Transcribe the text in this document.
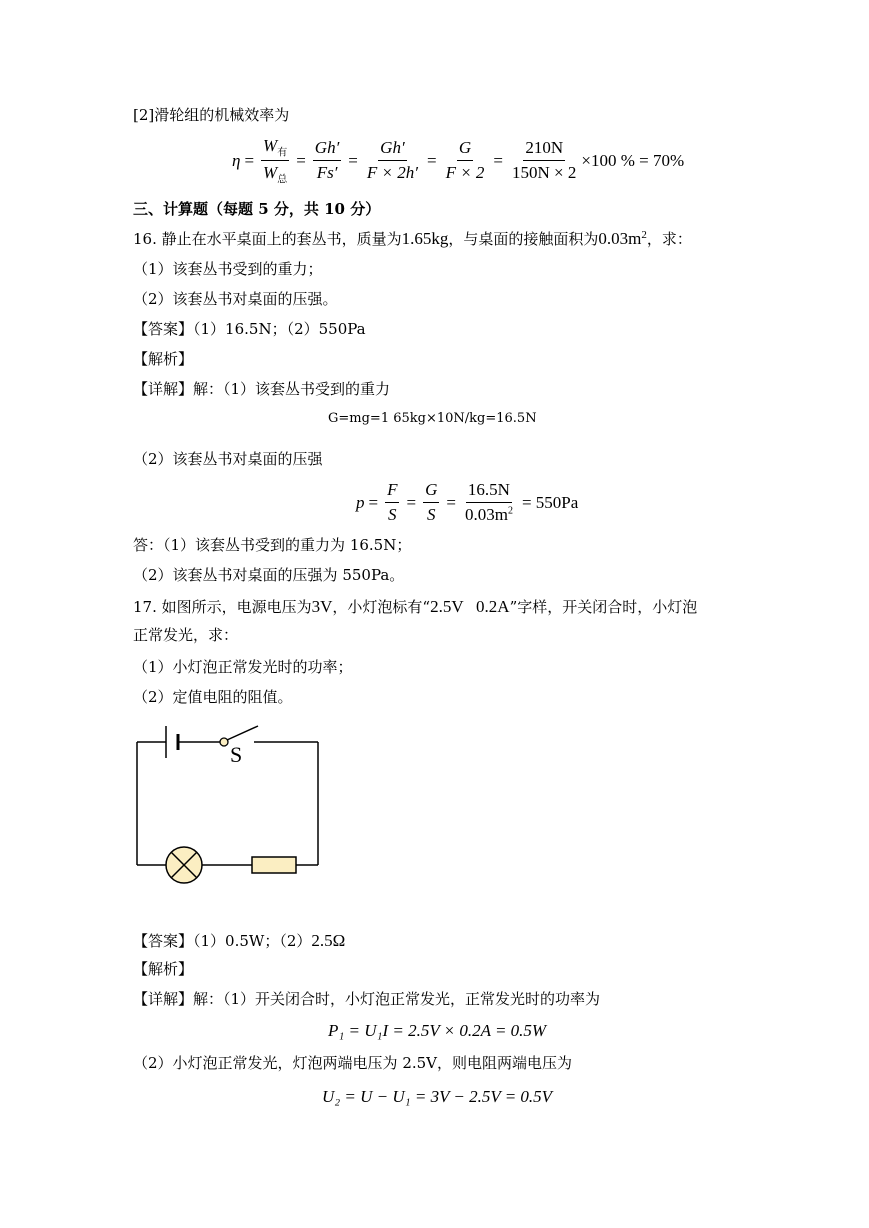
[2]滑轮组的机械效率为
$\eta = \frac{W_有}{W_总} = \frac{Gh'}{Fs'} = \frac{Gh'}{F \times 2h'} = \frac{G}{F \times 2} = \frac{210N}{150N \times 2} \times 100$ % = 70%
三、计算题（每题 5 分，共 10 分）
16. 静止在水平桌面上的套丛书，质量为1.65kg，与桌面的接触面积为$0.03m^2$，求：
（1）该套丛书受到的重力；
（2）该套丛书对桌面的压强。
【答案】（1）16.5N；（2）550Pa
【解析】
【详解】解：（1）该套丛书受到的重力
G=mg=1 65kg×10N/kg=16.5N
（2）该套丛书对桌面的压强
$p = \frac{F}{S} = \frac{G}{S} = \frac{16.5N}{0.03m^2} = 550Pa$
答：（1）该套丛书受到的重力为 16.5N；
（2）该套丛书对桌面的压强为 550Pa。
17. 如图所示，电源电压为3V，小灯泡标有“2.5V   0.2A”字样，开关闭合时，小灯泡
正常发光，求：
（1）小灯泡正常发光时的功率；
（2）定值电阻的阻值。
S
【答案】（1）0.5W；（2）2.5Ω
【解析】
【详解】解：（1）开关闭合时，小灯泡正常发光，正常发光时的功率为
P₁ = U₁I = 2.5V × 0.2A = 0.5W
（2）小灯泡正常发光，灯泡两端电压为 2.5V，则电阻两端电压为
U₂ = U − U₁ = 3V − 2.5V = 0.5V
